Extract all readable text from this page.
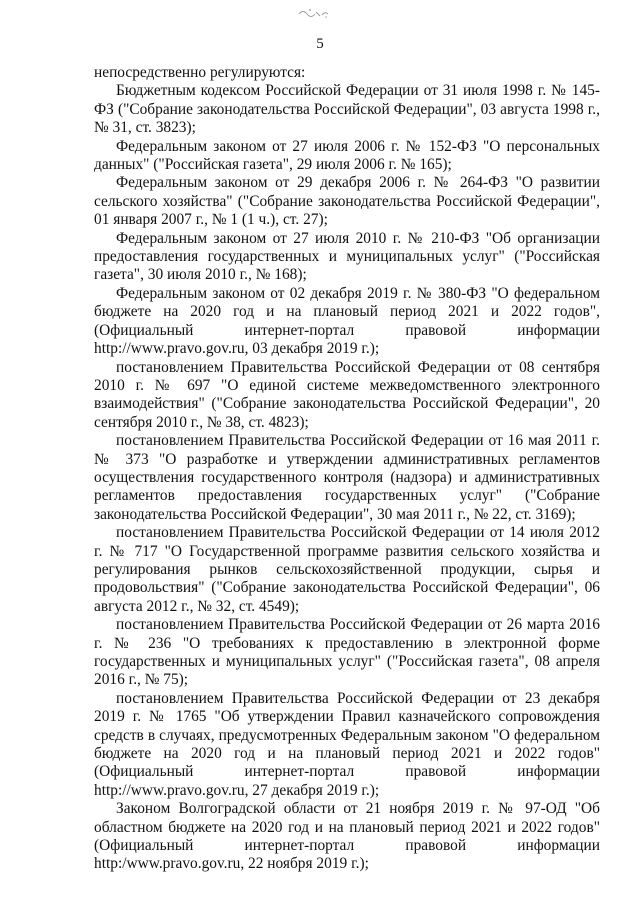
5

непосредственно регулируются:

Бюджетным кодексом Российской Федерации от 31 июля 1998 г. № 145-ФЗ ("Собрание законодательства Российской Федерации", 03 августа 1998 г., № 31, ст. 3823);

Федеральным законом от 27 июля 2006 г. № 152-ФЗ "О персональных данных" ("Российская газета", 29 июля 2006 г. № 165);

Федеральным законом от 29 декабря 2006 г. № 264-ФЗ "О развитии сельского хозяйства" ("Собрание законодательства Российской Федерации", 01 января 2007 г., № 1 (1 ч.), ст. 27);

Федеральным законом от 27 июля 2010 г. № 210-ФЗ "Об организации предоставления государственных и муниципальных услуг" ("Российская газета", 30 июля 2010 г., № 168);

Федеральным законом от 02 декабря 2019 г. № 380-ФЗ "О федеральном бюджете на 2020 год и на плановый период 2021 и 2022 годов", (Официальный интернет-портал правовой информации http://www.pravo.gov.ru, 03 декабря 2019 г.);

постановлением Правительства Российской Федерации от 08 сентября 2010 г. № 697 "О единой системе межведомственного электронного взаимодействия" ("Собрание законодательства Российской Федерации", 20 сентября 2010 г., № 38, ст. 4823);

постановлением Правительства Российской Федерации от 16 мая 2011 г. № 373 "О разработке и утверждении административных регламентов осуществления государственного контроля (надзора) и административных регламентов предоставления государственных услуг" ("Собрание законодательства Российской Федерации", 30 мая 2011 г., № 22, ст. 3169);

постановлением Правительства Российской Федерации от 14 июля 2012 г. № 717 "О Государственной программе развития сельского хозяйства и регулирования рынков сельскохозяйственной продукции, сырья и продовольствия" ("Собрание законодательства Российской Федерации", 06 августа 2012 г., № 32, ст. 4549);

постановлением Правительства Российской Федерации от 26 марта 2016 г. № 236 "О требованиях к предоставлению в электронной форме государственных и муниципальных услуг" ("Российская газета", 08 апреля 2016 г., № 75);

постановлением Правительства Российской Федерации от 23 декабря 2019 г. № 1765 "Об утверждении Правил казначейского сопровождения средств в случаях, предусмотренных Федеральным законом "О федеральном бюджете на 2020 год и на плановый период 2021 и 2022 годов" (Официальный интернет-портал правовой информации http://www.pravo.gov.ru, 27 декабря 2019 г.);

Законом Волгоградской области от 21 ноября 2019 г. № 97-ОД "Об областном бюджете на 2020 год и на плановый период 2021 и 2022 годов" (Официальный интернет-портал правовой информации http:/www.pravo.gov.ru, 22 ноября 2019 г.);
